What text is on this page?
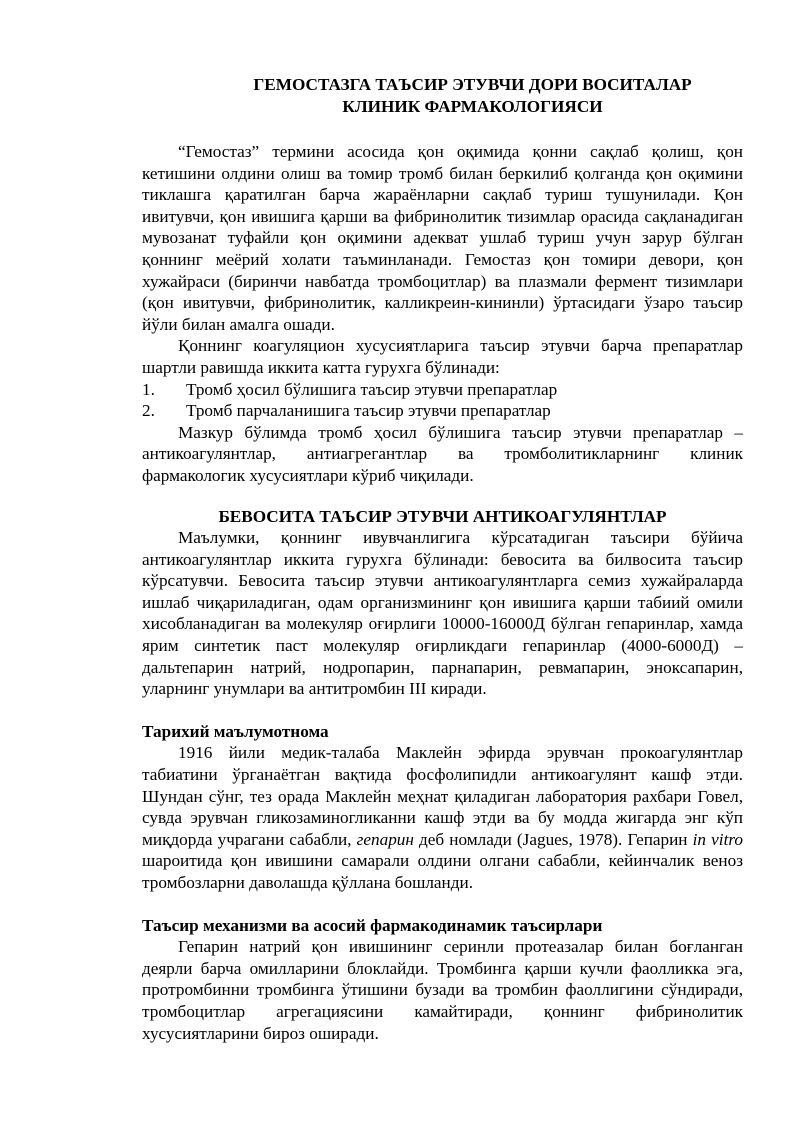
ГЕМОСТАЗГА ТАЪСИР ЭТУВЧИ ДОРИ ВОСИТАЛАР
КЛИНИК ФАРМАКОЛОГИЯСИ

“Гемостаз” термини асосида қон оқимида қонни сақлаб қолиш, қон кетишини олдини олиш ва томир тромб билан беркилиб қолганда қон оқимини тиклашга қаратилган барча жараёнларни сақлаб туриш тушунилади. Қон ивитувчи, қон ивишига қарши ва фибринолитик тизимлар орасида сақланадиган мувозанат туфайли қон оқимини адекват ушлаб туриш учун зарур бўлган қоннинг меёрий холати таъминланади. Гемостаз қон томири девори, қон хужайраси (биринчи навбатда тромбоцитлар) ва плазмали фермент тизимлари (қон ивитувчи, фибринолитик, калликреин-кининли) ўртасидаги ўзаро таъсир йўли билан амалга ошади.

Қоннинг коагуляцион хусусиятларига таъсир этувчи барча препаратлар шартли равишда иккита катта гурухга бўлинади:

1.	Тромб ҳосил бўлишига таъсир этувчи препаратлар
2.	Тромб парчаланишига таъсир этувчи препаратлар

Мазкур бўлимда тромб ҳосил бўлишига таъсир этувчи препаратлар – антикоагулянтлар, антиагрегантлар ва тромболитикларнинг клиник фармакологик хусусиятлари кўриб чиқилади.

БЕВОСИТА ТАЪСИР ЭТУВЧИ АНТИКОАГУЛЯНТЛАР

Маълумки, қоннинг ивувчанлигига кўрсатадиган таъсири бўйича антикоагулянтлар иккита гурухга бўлинади: бевосита ва билвосита таъсир кўрсатувчи. Бевосита таъсир этувчи антикоагулянтларга семиз хужайраларда ишлаб чиқариладиган, одам организмининг қон ивишига қарши табиий омили хисобланадиган ва молекуляр оғирлиги 10000-16000Д бўлган гепаринлар, хамда ярим синтетик паст молекуляр оғирликдаги гепаринлар (4000-6000Д) – дальтепарин натрий, нодропарин, парнапарин, ревмапарин, эноксапарин, уларнинг унумлари ва антитромбин III киради.

Тарихий маълумотнома

1916 йили медик-талаба Маклейн эфирда эрувчан прокоагулянтлар табиатини ўрганаётган вақтида фосфолипидли антикоагулянт кашф этди. Шундан сўнг, тез орада Маклейн меҳнат қиладиган лаборатория рахбари Говел, сувда эрувчан гликозаминогликанни кашф этди ва бу модда жигарда энг кўп миқдорда учрагани сабабли, гепарин деб номлади (Jagues, 1978). Гепарин in vitro шароитида қон ивишини самарали олдини олгани сабабли, кейинчалик веноз тромбозларни даволашда қўллана бошланди.

Таъсир механизми ва асосий фармакодинамик таъсирлари

Гепарин натрий қон ивишининг серинли протеазалар билан боғланган деярли барча омилларини блоклайди. Тромбинга қарши кучли фаолликка эга, протромбинни тромбинга ўтишини бузади ва тромбин фаоллигини сўндиради, тромбоцитлар агрегациясини камайтиради, қоннинг фибринолитик хусусиятларини бироз оширади.
